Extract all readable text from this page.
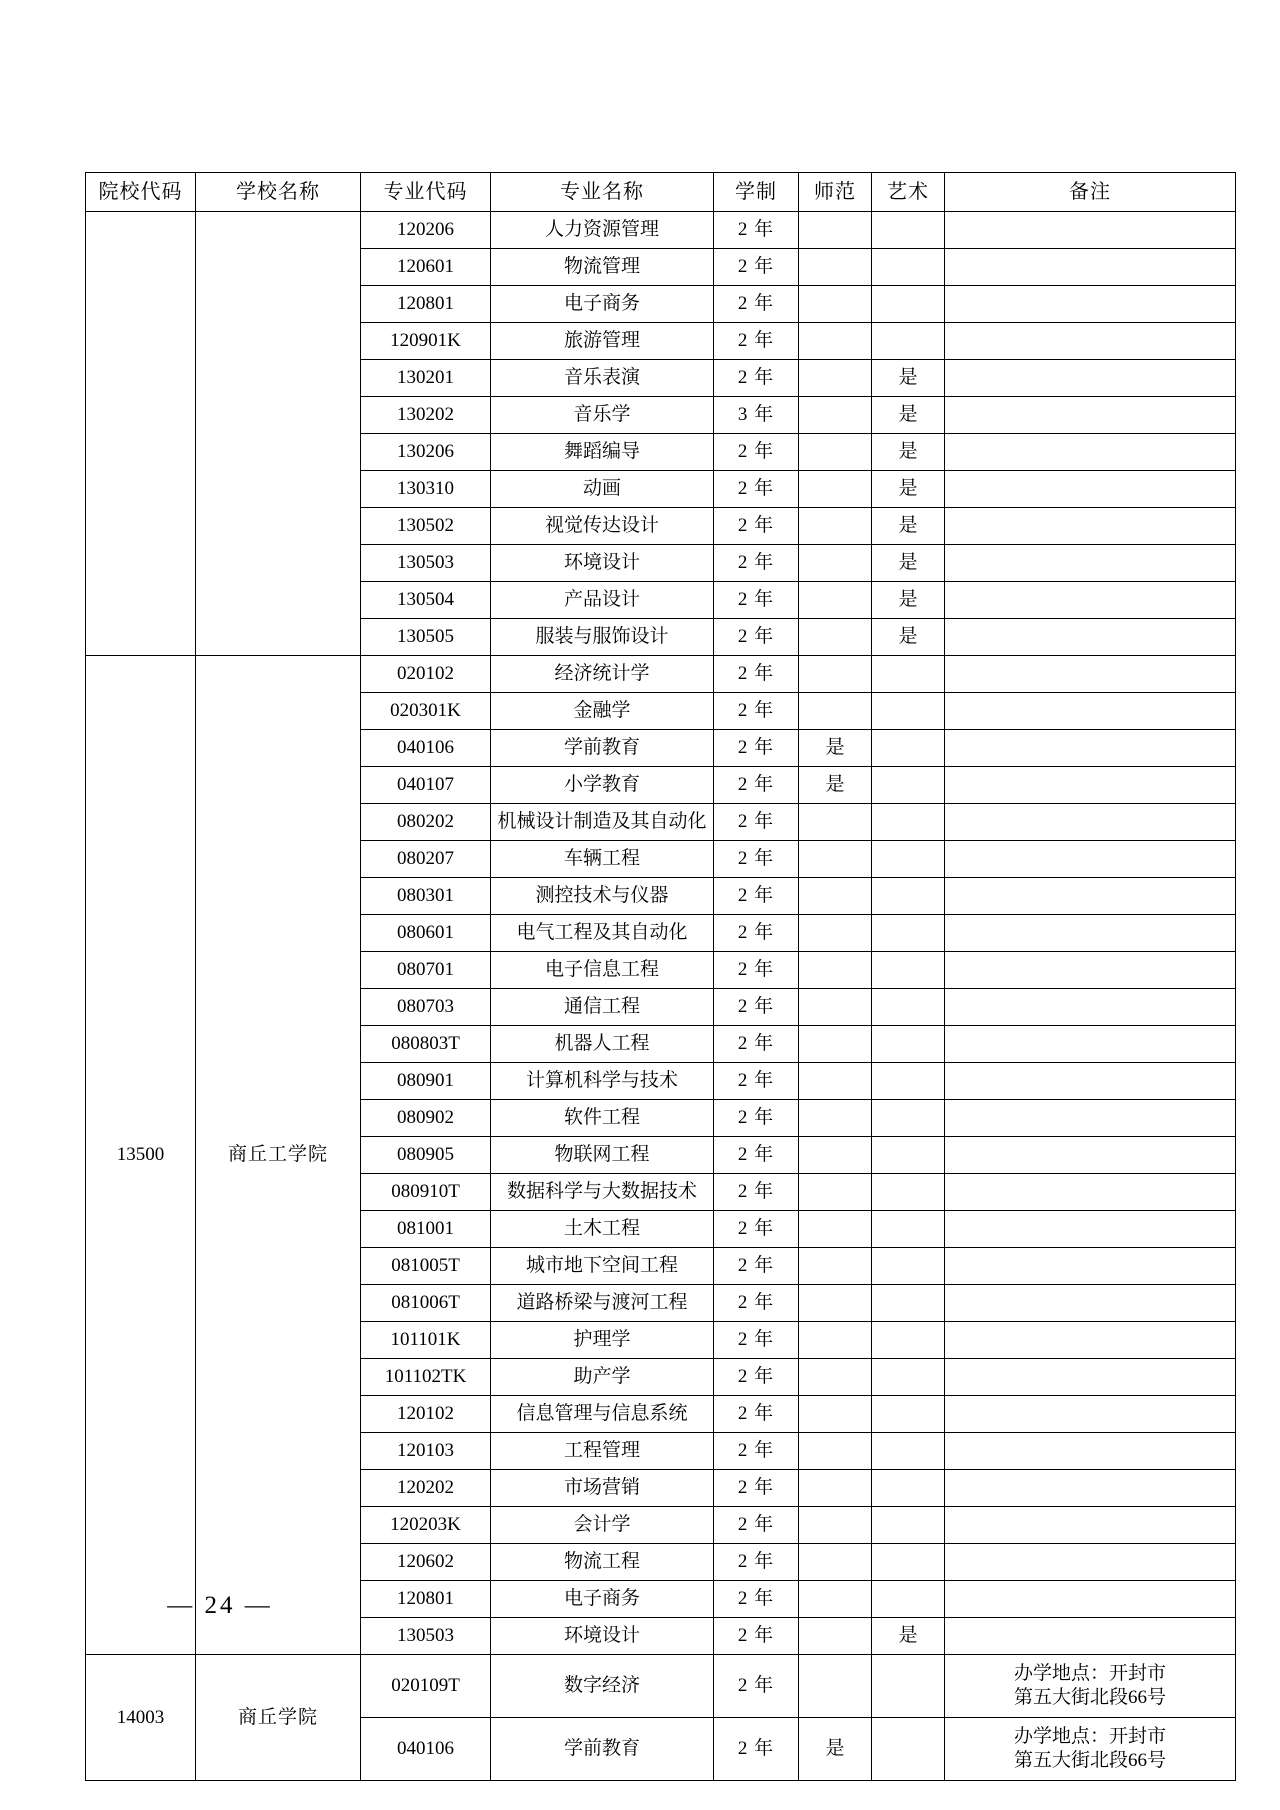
院校代码	学校名称	专业代码	专业名称	学制	师范	艺术	备注
		120206	人力资源管理	2 年			
		120601	物流管理	2 年			
		120801	电子商务	2 年			
		120901K	旅游管理	2 年			
		130201	音乐表演	2 年		是	
		130202	音乐学	3 年		是	
		130206	舞蹈编导	2 年		是	
		130310	动画	2 年		是	
		130502	视觉传达设计	2 年		是	
		130503	环境设计	2 年		是	
		130504	产品设计	2 年		是	
		130505	服装与服饰设计	2 年		是	
13500	商丘工学院	020102	经济统计学	2 年			
		020301K	金融学	2 年			
		040106	学前教育	2 年	是		
		040107	小学教育	2 年	是		
		080202	机械设计制造及其自动化	2 年			
		080207	车辆工程	2 年			
		080301	测控技术与仪器	2 年			
		080601	电气工程及其自动化	2 年			
		080701	电子信息工程	2 年			
		080703	通信工程	2 年			
		080803T	机器人工程	2 年			
		080901	计算机科学与技术	2 年			
		080902	软件工程	2 年			
		080905	物联网工程	2 年			
		080910T	数据科学与大数据技术	2 年			
		081001	土木工程	2 年			
		081005T	城市地下空间工程	2 年			
		081006T	道路桥梁与渡河工程	2 年			
		101101K	护理学	2 年			
		101102TK	助产学	2 年			
		120102	信息管理与信息系统	2 年			
		120103	工程管理	2 年			
		120202	市场营销	2 年			
		120203K	会计学	2 年			
		120602	物流工程	2 年			
		120801	电子商务	2 年			
		130503	环境设计	2 年		是	
14003	商丘学院	020109T	数字经济	2 年			办学地点：开封市
第五大街北段66号

		040106	学前教育	2 年	是		办学地点：开封市
第五大街北段66号
— 24 —
